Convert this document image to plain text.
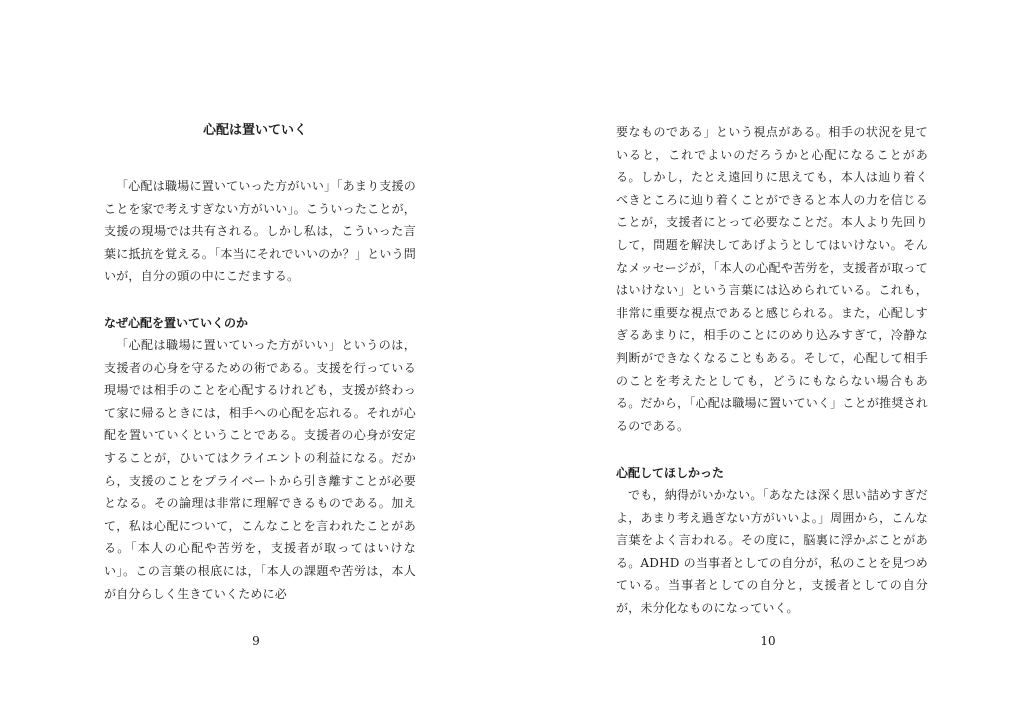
心配は置いていく

「心配は職場に置いていった方がいい」「あまり支援のことを家で考えすぎない方がいい」。こういったことが，支援の現場では共有される。しかし私は，こういった言葉に抵抗を覚える。「本当にそれでいいのか？」という問いが，自分の頭の中にこだまする。

なぜ心配を置いていくのか

「心配は職場に置いていった方がいい」というのは，支援者の心身を守るための術である。支援を行っている現場では相手のことを心配するけれども，支援が終わって家に帰るときには，相手への心配を忘れる。それが心配を置いていくということである。支援者の心身が安定することが，ひいてはクライエントの利益になる。だから，支援のことをプライベートから引き離すことが必要となる。その論理は非常に理解できるものである。加えて，私は心配について，こんなことを言われたことがある。「本人の心配や苦労を，支援者が取ってはいけない」。この言葉の根底には，「本人の課題や苦労は，本人が自分らしく生きていくために必

9

要なものである」という視点がある。相手の状況を見ていると，これでよいのだろうかと心配になることがある。しかし，たとえ遠回りに思えても，本人は辿り着くべきところに辿り着くことができると本人の力を信じることが，支援者にとって必要なことだ。本人より先回りして，問題を解決してあげようとしてはいけない。そんなメッセージが，「本人の心配や苦労を，支援者が取ってはいけない」という言葉には込められている。これも，非常に重要な視点であると感じられる。また，心配しすぎるあまりに，相手のことにのめり込みすぎて，冷静な判断ができなくなることもある。そして，心配して相手のことを考えたとしても，どうにもならない場合もある。だから，「心配は職場に置いていく」ことが推奨されるのである。

心配してほしかった

でも，納得がいかない。「あなたは深く思い詰めすぎだよ，あまり考え過ぎない方がいいよ。」周囲から，こんな言葉をよく言われる。その度に，脳裏に浮かぶことがある。ADHD の当事者としての自分が，私のことを見つめている。当事者としての自分と，支援者としての自分が，未分化なものになっていく。

10
